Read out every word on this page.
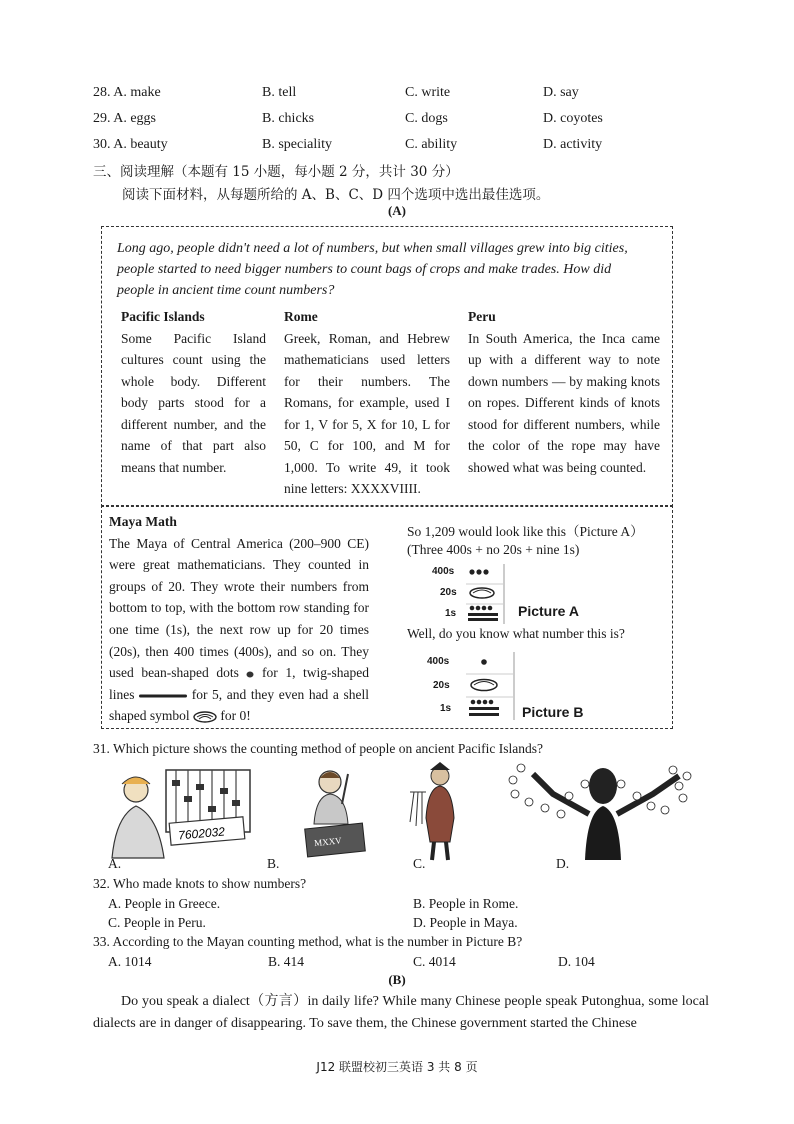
28. A. make	B. tell	C. write	D. say
29. A. eggs	B. chicks	C. dogs	D. coyotes
30. A. beauty	B. speciality	C. ability	D. activity
三、阅读理解（本题有 15 小题，每小题 2 分，共计 30 分）
阅读下面材料，从每题所给的 A、B、C、D 四个选项中选出最佳选项。
(A)
Long ago, people didn't need a lot of numbers, but when small villages grew into big cities, people started to need bigger numbers to count bags of crops and make trades. How did people in ancient time count numbers?
Pacific Islands
Some Pacific Island cultures count using the whole body. Different body parts stood for a different number, and the name of that part also means that number.
Rome
Greek, Roman, and Hebrew mathematicians used letters for their numbers. The Romans, for example, used I for 1, V for 5, X for 10, L for 50, C for 100, and M for 1,000. To write 49, it took nine letters: XXXXVIIII.
Peru
In South America, the Inca came up with a different way to note down numbers — by making knots on ropes. Different kinds of knots stood for different numbers, while the color of the rope may have showed what was being counted.
Maya Math
The Maya of Central America (200–900 CE) were great mathematicians. They counted in groups of 20. They wrote their numbers from bottom to top, with the bottom row standing for one time (1s), the next row up for 20 times (20s), then 400 times (400s), and so on. They used bean-shaped dots for 1, twig-shaped lines	for 5, and they even had a shell shaped symbol for 0!
So 1,209 would look like this（Picture A）
(Three 400s + no 20s + nine 1s)
400s
20s
1s	Picture A
Well, do you know what number this is?
400s
20s
1s	Picture B
31. Which picture shows the counting method of people on ancient Pacific Islands?
7602032
A.
MXXV
B.	C.	D.
32. Who made knots to show numbers?
A. People in Greece.	B. People in Rome.
C. People in Peru.	D. People in Maya.
33. According to the Mayan counting method, what is the number in Picture B?
A. 1014	B. 414	C. 4014	D. 104
(B)
Do you speak a dialect（方言）in daily life? While many Chinese people speak Putonghua, some local dialects are in danger of disappearing. To save them, the Chinese government started the Chinese
J12 联盟校初三英语 3 共 8 页
